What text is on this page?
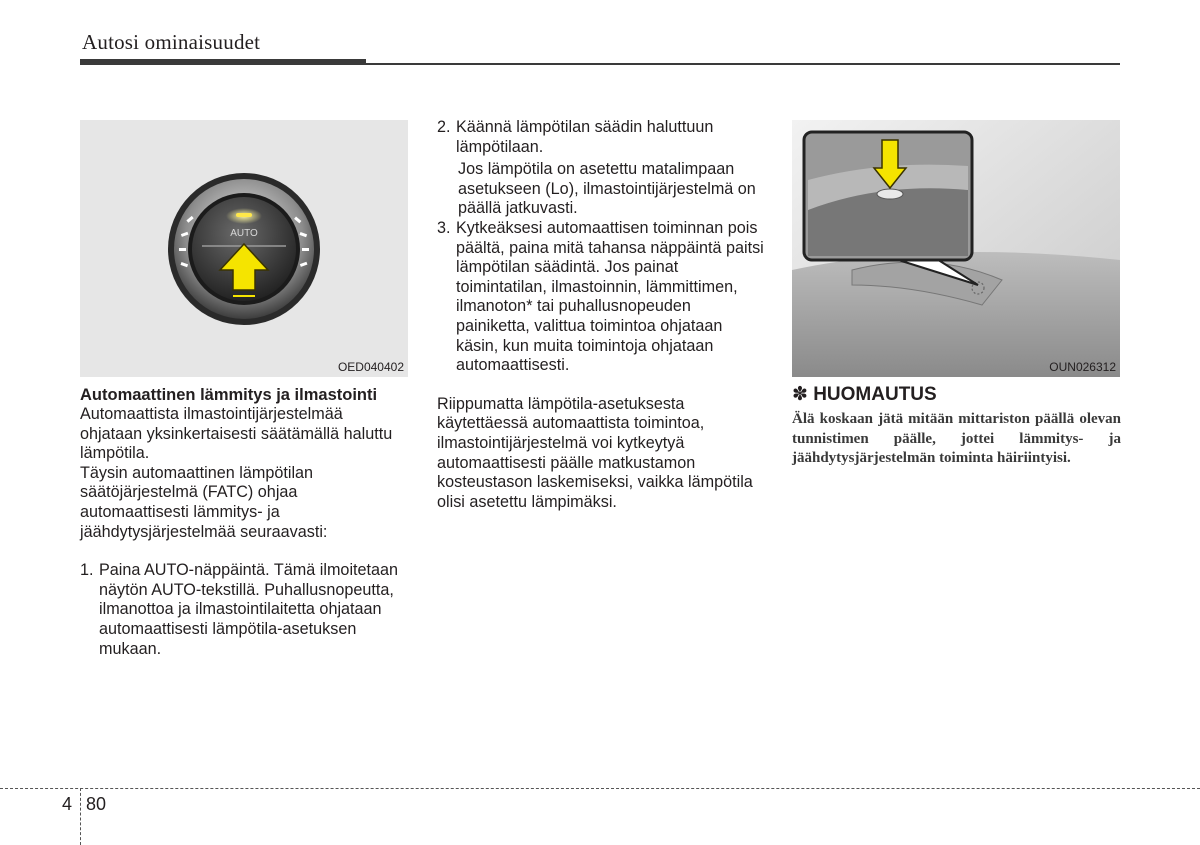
Autosi ominaisuudet
AUTO
OED040402	OUN026312

Automaattinen lämmitys ja ilmastointi

Automaattista ilmastointijärjestelmää ohjataan yksinkertaisesti säätämällä haluttu lämpötila.

Täysin automaattinen lämpötilan säätöjärjestelmä (FATC) ohjaa automaattisesti lämmitys- ja jäähdytysjärjestelmää seuraavasti:

1. Paina AUTO-näppäintä. Tämä ilmoitetaan näytön AUTO-tekstillä. Puhallusnopeutta, ilmanottoa ja ilmastointilaitetta ohjataan automaattisesti lämpötila-asetuksen mukaan.
2. Käännä lämpötilan säädin haluttuun lämpötilaan.

Jos lämpötila on asetettu matalimpaan asetukseen (Lo), ilmastointijärjestelmä on päällä jatkuvasti.

3. Kytkeäksesi automaattisen toiminnan pois päältä, paina mitä tahansa näppäintä paitsi lämpötilan säädintä. Jos painat toimintatilan, ilmastoinnin, lämmittimen, ilmanoton* tai puhallusnopeuden painiketta, valittua toimintoa ohjataan käsin, kun muita toimintoja ohjataan automaattisesti.

Riippumatta lämpötila-asetuksesta käytettäessä automaattista toimintoa, ilmastointijärjestelmä voi kytkeytyä automaattisesti päälle matkustamon kosteustason laskemiseksi, vaikka lämpötila olisi asetettu lämpimäksi.

✽ HUOMAUTUS
Älä koskaan jätä mitään mittariston päällä olevan tunnistimen päälle, jottei lämmitys- ja jäähdytysjärjestelmän toiminta häiriintyisi.
4 80
